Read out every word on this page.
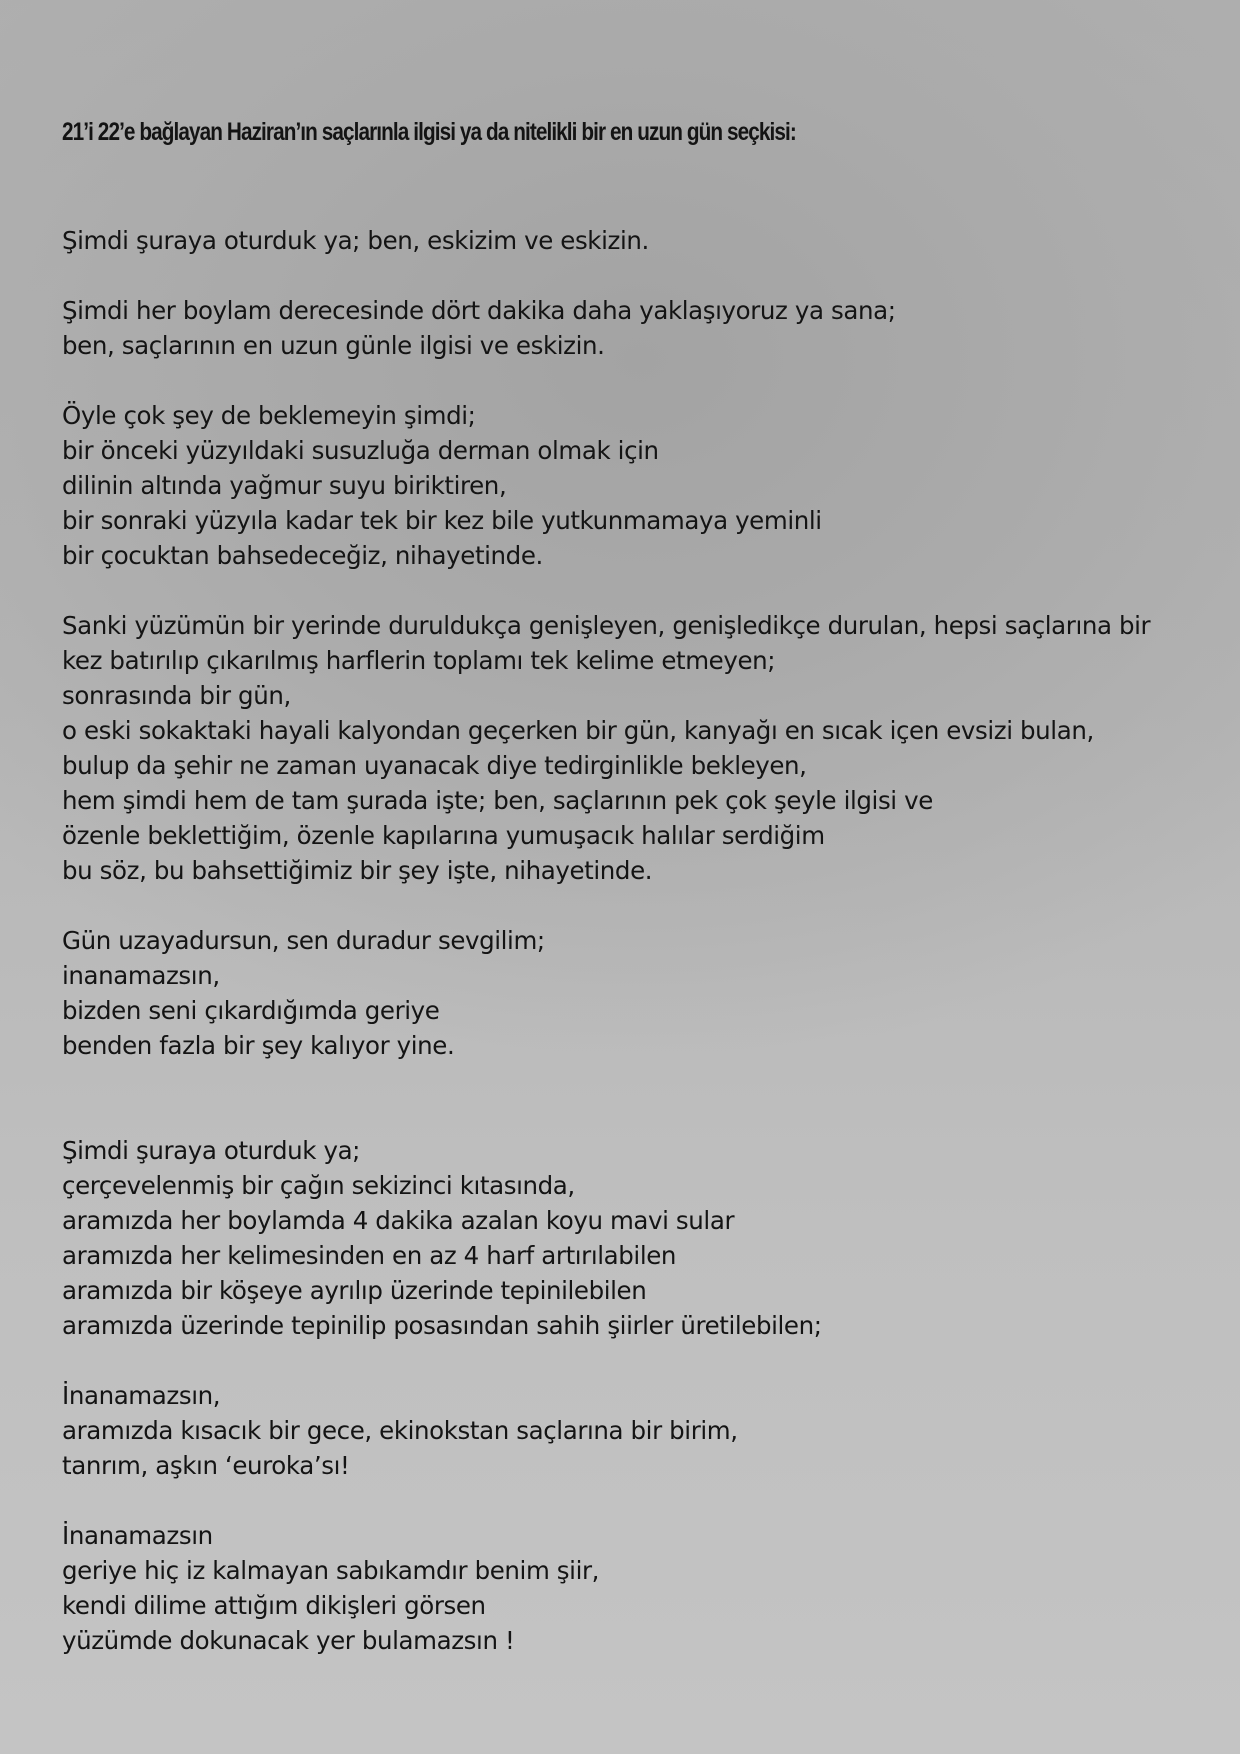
21’i 22’e bağlayan Haziran’ın saçlarınla ilgisi ya da nitelikli bir en uzun gün seçkisi:
Şimdi şuraya oturduk ya; ben, eskizim ve eskizin.
Şimdi her boylam derecesinde dört dakika daha yaklaşıyoruz ya sana;
ben, saçlarının en uzun günle ilgisi ve eskizin.
Öyle çok şey de beklemeyin şimdi;
bir önceki yüzyıldaki susuzluğa derman olmak için
dilinin altında yağmur suyu biriktiren,
bir sonraki yüzyıla kadar tek bir kez bile yutkunmamaya yeminli
bir çocuktan bahsedeceğiz, nihayetinde.
Sanki yüzümün bir yerinde duruldukça genişleyen, genişledikçe durulan, hepsi saçlarına bir
kez batırılıp çıkarılmış harflerin toplamı tek kelime etmeyen;
sonrasında bir gün,
o eski sokaktaki hayali kalyondan geçerken bir gün, kanyağı en sıcak içen evsizi bulan,
bulup da şehir ne zaman uyanacak diye tedirginlikle bekleyen,
hem şimdi hem de tam şurada işte; ben, saçlarının pek çok şeyle ilgisi ve
özenle beklettiğim, özenle kapılarına yumuşacık halılar serdiğim
bu söz, bu bahsettiğimiz bir şey işte, nihayetinde.
Gün uzayadursun, sen duradur sevgilim;
inanamazsın,
bizden seni çıkardığımda geriye
benden fazla bir şey kalıyor yine.
Şimdi şuraya oturduk ya;
çerçevelenmiş bir çağın sekizinci kıtasında,
aramızda her boylamda 4 dakika azalan koyu mavi sular
aramızda her kelimesinden en az 4 harf artırılabilen
aramızda bir köşeye ayrılıp üzerinde tepinilebilen
aramızda üzerinde tepinilip posasından sahih şiirler üretilebilen;
İnanamazsın,
aramızda kısacık bir gece, ekinokstan saçlarına bir birim,
tanrım, aşkın ‘euroka’sı!
İnanamazsın
geriye hiç iz kalmayan sabıkamdır benim şiir,
kendi dilime attığım dikişleri görsen
yüzümde dokunacak yer bulamazsın !
